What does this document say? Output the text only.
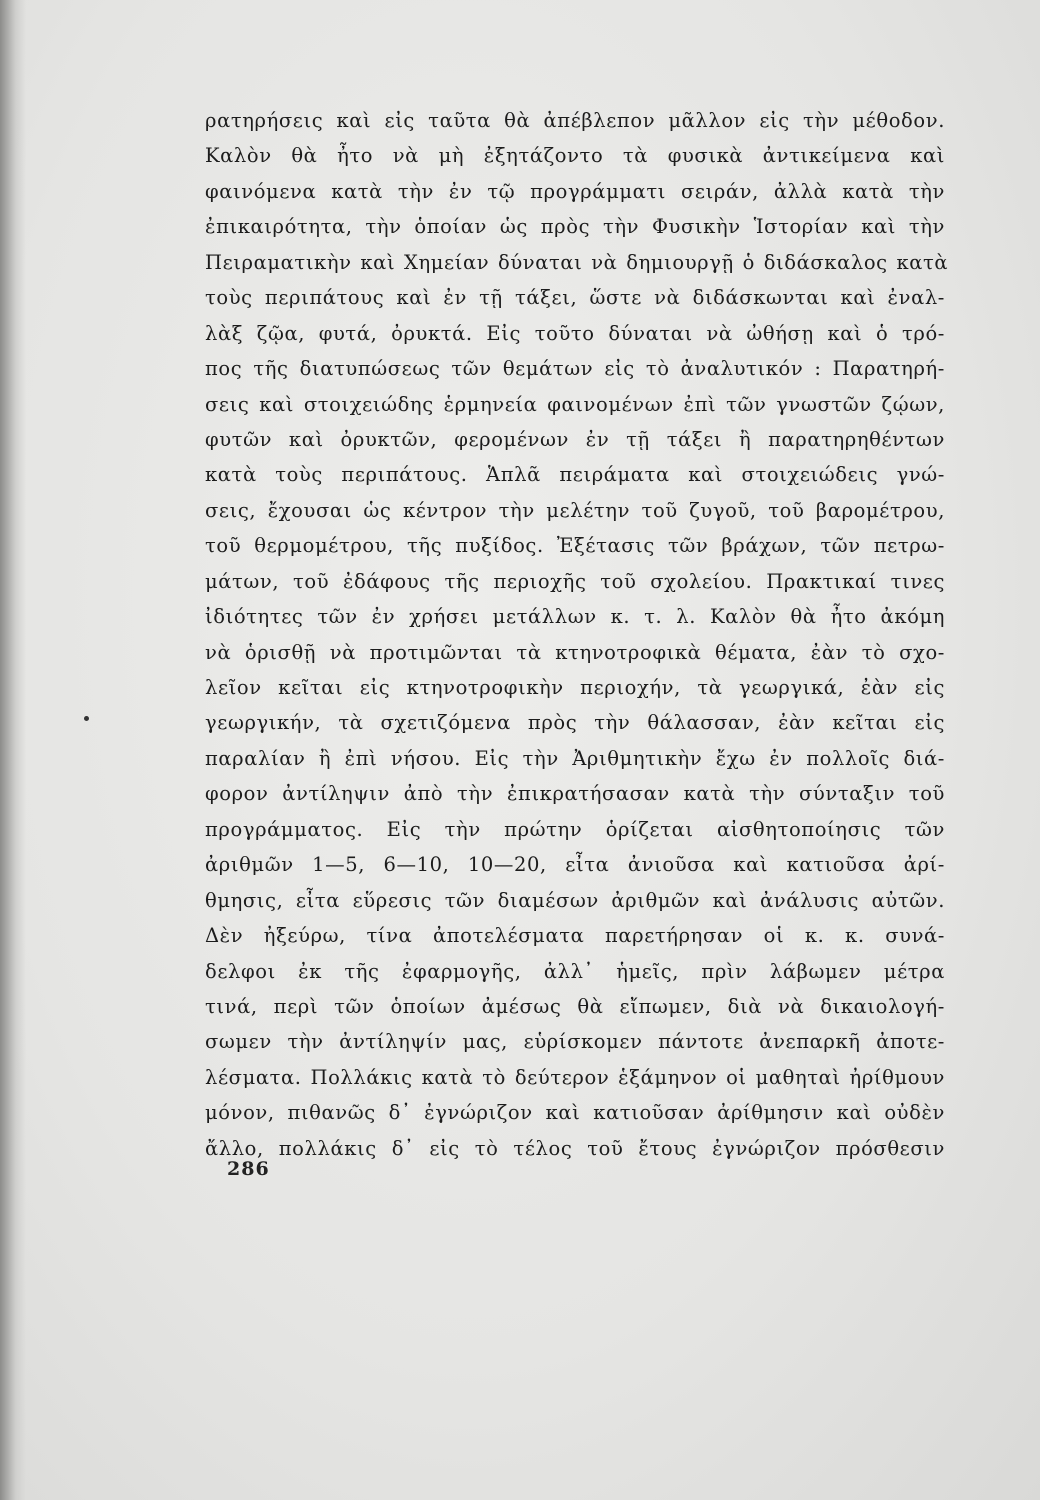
ρατηρήσεις καὶ εἰς ταῦτα θὰ ἀπέβλεπον μᾶλλον εἰς τὴν μέθοδον.
Καλὸν θὰ ἦτο νὰ μὴ ἐξητάζοντο τὰ φυσικὰ ἀντικείμενα καὶ
φαινόμενα κατὰ τὴν ἐν τῷ προγράμματι σειράν, ἀλλὰ κατὰ τὴν
ἐπικαιρότητα, τὴν ὁποίαν ὡς πρὸς τὴν Φυσικὴν Ἱστορίαν καὶ τὴν
Πειραματικὴν καὶ Χημείαν δύναται νὰ δημιουργῇ ὁ διδάσκαλος κατὰ
τοὺς περιπάτους καὶ ἐν τῇ τάξει, ὥστε νὰ διδάσκωνται καὶ ἐναλ-
λὰξ ζῷα, φυτά, ὀρυκτά. Εἰς τοῦτο δύναται νὰ ὠθήσῃ καὶ ὁ τρό-
πος τῆς διατυπώσεως τῶν θεμάτων εἰς τὸ ἀναλυτικόν : Παρατηρή-
σεις καὶ στοιχειώδης ἑρμηνεία φαινομένων ἐπὶ τῶν γνωστῶν ζῴων,
φυτῶν καὶ ὀρυκτῶν, φερομένων ἐν τῇ τάξει ἢ παρατηρηθέντων
κατὰ τοὺς περιπάτους. Ἁπλᾶ πειράματα καὶ στοιχειώδεις γνώ-
σεις, ἔχουσαι ὡς κέντρον τὴν μελέτην τοῦ ζυγοῦ, τοῦ βαρομέτρου,
τοῦ θερμομέτρου, τῆς πυξίδος. Ἐξέτασις τῶν βράχων, τῶν πετρω-
μάτων, τοῦ ἐδάφους τῆς περιοχῆς τοῦ σχολείου. Πρακτικαί τινες
ἰδιότητες τῶν ἐν χρήσει μετάλλων κ. τ. λ. Καλὸν θὰ ἦτο ἀκόμη
νὰ ὁρισθῇ νὰ προτιμῶνται τὰ κτηνοτροφικὰ θέματα, ἐὰν τὸ σχο-
λεῖον κεῖται εἰς κτηνοτροφικὴν περιοχήν, τὰ γεωργικά, ἐὰν εἰς
γεωργικήν, τὰ σχετιζόμενα πρὸς τὴν θάλασσαν, ἐὰν κεῖται εἰς
παραλίαν ἢ ἐπὶ νήσου. Εἰς τὴν Ἀριθμητικὴν ἔχω ἐν πολλοῖς διά-
φορον ἀντίληψιν ἀπὸ τὴν ἐπικρατήσασαν κατὰ τὴν σύνταξιν τοῦ
προγράμματος. Εἰς τὴν πρώτην ὁρίζεται αἰσθητοποίησις τῶν
ἀριθμῶν 1—5, 6—10, 10—20, εἶτα ἀνιοῦσα καὶ κατιοῦσα ἀρί-
θμησις, εἶτα εὕρεσις τῶν διαμέσων ἀριθμῶν καὶ ἀνάλυσις αὐτῶν.
Δὲν ἠξεύρω, τίνα ἀποτελέσματα παρετήρησαν οἱ κ. κ. συνά-
δελφοι ἐκ τῆς ἐφαρμογῆς, ἀλλ᾽ ἡμεῖς, πρὶν λάβωμεν μέτρα
τινά, περὶ τῶν ὁποίων ἀμέσως θὰ εἴπωμεν, διὰ νὰ δικαιολογή-
σωμεν τὴν ἀντίληψίν μας, εὑρίσκομεν πάντοτε ἀνεπαρκῆ ἀποτε-
λέσματα. Πολλάκις κατὰ τὸ δεύτερον ἑξάμηνον οἱ μαθηταὶ ἠρίθμουν
μόνον, πιθανῶς δ᾽ ἐγνώριζον καὶ κατιοῦσαν ἀρίθμησιν καὶ οὐδὲν
ἄλλο, πολλάκις δ᾽ εἰς τὸ τέλος τοῦ ἔτους ἐγνώριζον πρόσθεσιν
286
